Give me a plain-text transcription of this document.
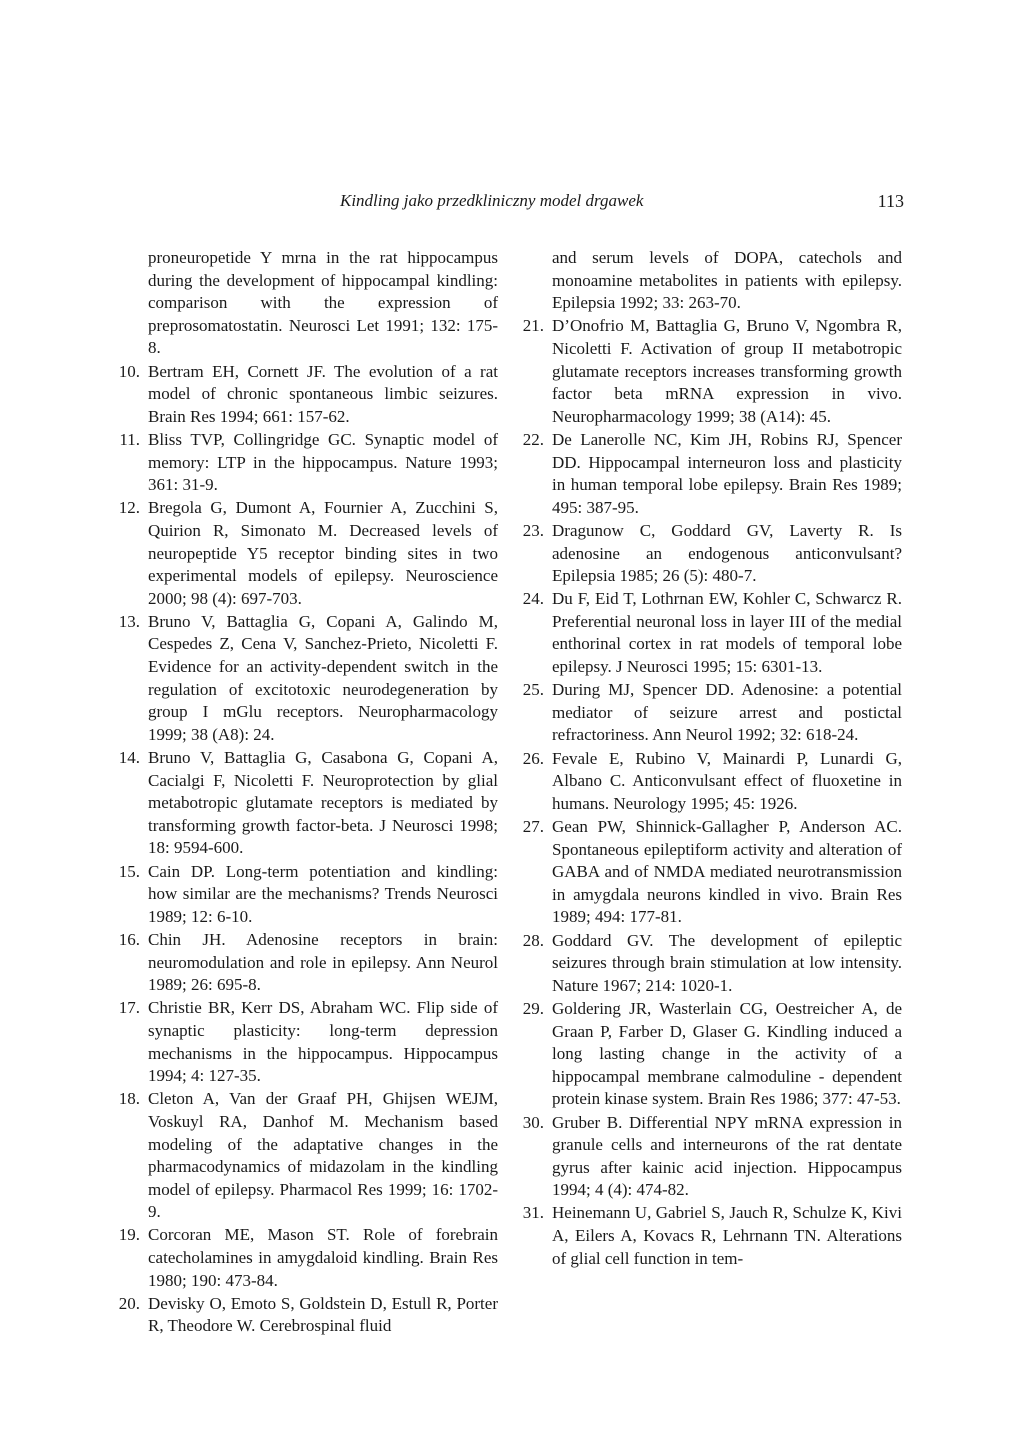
Kindling jako przedkliniczny model drgawek	113
proneuropetide Y mrna in the rat hippocampus during the development of hippocampal kindling: comparison with the expression of preprosomatostatin. Neurosci Let 1991; 132: 175-8.
10. Bertram EH, Cornett JF. The evolution of a rat model of chronic spontaneous limbic seizures. Brain Res 1994; 661: 157-62.
11. Bliss TVP, Collingridge GC. Synaptic model of memory: LTP in the hippocampus. Nature 1993; 361: 31-9.
12. Bregola G, Dumont A, Fournier A, Zucchini S, Quirion R, Simonato M. Decreased levels of neuropeptide Y5 receptor binding sites in two experimental models of epilepsy. Neuroscience 2000; 98 (4): 697-703.
13. Bruno V, Battaglia G, Copani A, Galindo M, Cespedes Z, Cena V, Sanchez-Prieto, Nicoletti F. Evidence for an activity-dependent switch in the regulation of excitotoxic neurodegeneration by group I mGlu receptors. Neuropharmacology 1999; 38 (A8): 24.
14. Bruno V, Battaglia G, Casabona G, Copani A, Cacialgi F, Nicoletti F. Neuroprotection by glial metabotropic glutamate receptors is mediated by transforming growth factor-beta. J Neurosci 1998; 18: 9594-600.
15. Cain DP. Long-term potentiation and kindling: how similar are the mechanisms? Trends Neurosci 1989; 12: 6-10.
16. Chin JH. Adenosine receptors in brain: neuromodulation and role in epilepsy. Ann Neurol 1989; 26: 695-8.
17. Christie BR, Kerr DS, Abraham WC. Flip side of synaptic plasticity: long-term depression mechanisms in the hippocampus. Hippocampus 1994; 4: 127-35.
18. Cleton A, Van der Graaf PH, Ghijsen WEJM, Voskuyl RA, Danhof M. Mechanism based modeling of the adaptative changes in the pharmacodynamics of midazolam in the kindling model of epilepsy. Pharmacol Res 1999; 16: 1702-9.
19. Corcoran ME, Mason ST. Role of forebrain catecholamines in amygdaloid kindling. Brain Res 1980; 190: 473-84.
20. Devisky O, Emoto S, Goldstein D, Estull R, Porter R, Theodore W. Cerebrospinal fluid
and serum levels of DOPA, catechols and monoamine metabolites in patients with epilepsy. Epilepsia 1992; 33: 263-70.
21. D’Onofrio M, Battaglia G, Bruno V, Ngombra R, Nicoletti F. Activation of group II metabotropic glutamate receptors increases transforming growth factor beta mRNA expression in vivo. Neuropharmacology 1999; 38 (A14): 45.
22. De Lanerolle NC, Kim JH, Robins RJ, Spencer DD. Hippocampal interneuron loss and plasticity in human temporal lobe epilepsy. Brain Res 1989; 495: 387-95.
23. Dragunow C, Goddard GV, Laverty R. Is adenosine an endogenous anticonvulsant? Epilepsia 1985; 26 (5): 480-7.
24. Du F, Eid T, Lothrnan EW, Kohler C, Schwarcz R. Preferential neuronal loss in layer III of the medial enthorinal cortex in rat models of temporal lobe epilepsy. J Neurosci 1995; 15: 6301-13.
25. During MJ, Spencer DD. Adenosine: a potential mediator of seizure arrest and postictal refractoriness. Ann Neurol 1992; 32: 618-24.
26. Fevale E, Rubino V, Mainardi P, Lunardi G, Albano C. Anticonvulsant effect of fluoxetine in humans. Neurology 1995; 45: 1926.
27. Gean PW, Shinnick-Gallagher P, Anderson AC. Spontaneous epileptiform activity and alteration of GABA and of NMDA mediated neurotransmission in amygdala neurons kindled in vivo. Brain Res 1989; 494: 177-81.
28. Goddard GV. The development of epileptic seizures through brain stimulation at low intensity. Nature 1967; 214: 1020-1.
29. Goldering JR, Wasterlain CG, Oestreicher A, de Graan P, Farber D, Glaser G. Kindling induced a long lasting change in the activity of a hippocampal membrane calmoduline - dependent protein kinase system. Brain Res 1986; 377: 47-53.
30. Gruber B. Differential NPY mRNA expression in granule cells and interneurons of the rat dentate gyrus after kainic acid injection. Hippocampus 1994; 4 (4): 474-82.
31. Heinemann U, Gabriel S, Jauch R, Schulze K, Kivi A, Eilers A, Kovacs R, Lehrnann TN. Alterations of glial cell function in tem-
